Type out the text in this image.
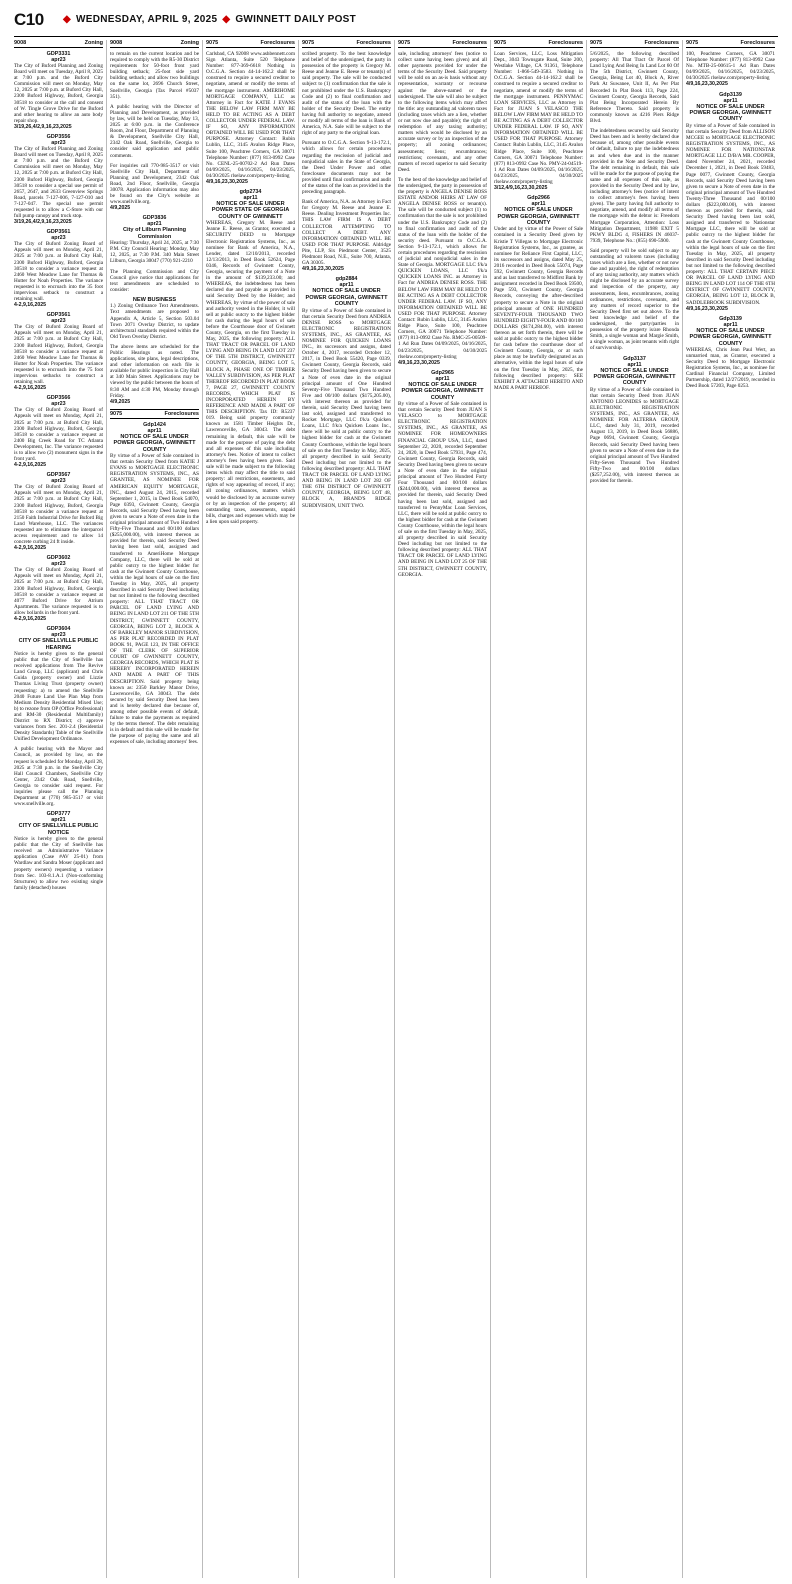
C10	◆ WEDNESDAY, APRIL 9, 2025 ◆ GWINNETT DAILY POST
9008	Zoning
GDP3331
apr23
The City of Buford Planning and Zoning Board will meet on Tuesday, April 8, 2025 at 7:00 p.m. and the Buford City Commission will meet on Monday, May 12, 2025 at 7:00 p.m. at Buford City Hall, 2300 Buford Highway, Buford, Georgia 30518 to consider at the call and consent of W. Tingle Grove Drive for the Buford and other hearing to allow an auto body repair shop.
3/19,26,4/2,9,16,23,2025
GDP3556
apr23
The City of Buford Planning and Zoning Board will meet on Tuesday, April 8, 2025 at 7:00 p.m. and the Buford City Commission will meet on Monday, May 12, 2025 at 7:00 p.m. at Buford City Hall, 2300 Buford Highway, Buford, Georgia 30518 to consider a special use permit of 2657, 2647, and 2633 Greenview Springs Road, parcels 7-127-006, 7-127-010 and 7-127-047. The special use permit requested is to allow a C-Store with our full pump canopy and truck stop.
3/19,26,4/2,9,16,23,2025
GDP3561
apr23
The City of Buford Zoning Board of Appeals will meet on Monday, April 21, 2025 at 7:00 p.m. at Buford City Hall, 2300 Buford Highway, Buford, Georgia 30518 to consider a variance request at 2460 West Meadow Lane for Thomas & Hutter for Noah Properties. The variance requested is to encroach into the 35 foot impervious setback to construct a retaining wall.
4-2,9,16,2025
GDP3561
apr23
The City of Buford Zoning Board of Appeals will meet on Monday, April 21, 2025 at 7:00 p.m. at Buford City Hall, 2300 Buford Highway, Buford, Georgia 30518 to consider a variance request at 2460 West Meadow Lane for Thomas & Hutter for Noah Properties. The variance requested is to encroach into the 75 foot impervious setbacks to construct a retaining wall.
4-2,9,16,2025
GDP3566
apr23
The City of Buford Zoning Board of Appeals will meet on Monday, April 21, 2025 at 7:00 p.m. at Buford City Hall, 2300 Buford Highway, Buford, Georgia 30518 to consider a variance request at 2400 Big Creek Road for TC Atlanta Development, Inc. The variance requested is to allow two (2) monument signs in the front yard.
4-2,9,16,2025
GDP3567
apr23
The City of Buford Zoning Board of Appeals will meet on Monday, April 21, 2025 at 7:00 p.m. at Buford City Hall, 2300 Buford Highway, Buford, Georgia 30518 to consider a variance request at 2150 Faith Industrial Drive for Buford Big Land Warehouse, LLC. The variances requested are to eliminate the interparcel access requirement and to allow 14 concrete curbing 24 ft inside.
4-2,9,16,2025
GDP3602
apr23
The City of Buford Zoning Board of Appeals will meet on Monday, April 21, 2025 at 7:00 p.m. at Buford City Hall, 2300 Buford Highway, Buford, Georgia 30518 to consider a variance request at 4077 Buford Drive for Atrium Apartments. The variance requested is to allow bollards in the front yard.
4-2,9,16,2025
GDP3604
apr23
CITY OF SNELLVILLE PUBLIC HEARING
Notice is hereby given to the general public that the City of Snellville has received applications from The Revive Land Group, LLC (applicant) and Chris Guida (property owner) and Lizzie Thomas Living Trust (property owner) requesting: a) to amend the Snellville 2040 Future Land Use Plan Map from Medium Density Residential Mixed Use; b) to rezone from OP (Office Professional) and RM-30 (Residential Multifamily) District to RX District; c) approve variances from Sec. 201-2.4 (Residential Density Standards) Table of the Snellville Unified Development Ordinance.
A public hearing with the Mayor and Council, as provided by law, on the request is scheduled for Monday, April 28, 2025 at 7:30 p.m. in the Snellville City Hall Council Chambers, Snellville City Center, 2342 Oak Road, Snellville, Georgia to consider said request. For inquiries please call the Planning Department at (770) 985-3517 or visit www.snellville.org.
GDP3777
apr21
CITY OF SNELLVILLE PUBLIC NOTICE
Notice is hereby given to the general public that the City of Snellville has received an Administrative Variance application (Case #AV 25-01) from Wardlaw and Sandra Moser (applicant and property owners) requesting a variance from Sec. 103-8.1.A.1 (Non-conforming Structures) to allow two existing single family (detached) houses
9008	Zoning
to remain on the current location and be required to comply with the R5-30 District requirements for 50-foot front yard building setback; 25-foot side yard building setback; and allow two buildings on the same lot, 2696 Church Street, Snellville, Georgia (Tax Parcel #5037 351).
A public hearing with the Director of Planning and Development, as provided by law, will be held on Tuesday, May 13, 2025 at 6:00 p.m. in the Conference Room, 2nd Floor, Department of Planning & Development, Snellville City Hall, 2342 Oak Road, Snellville, Georgia to consider said application and public comments.
For inquiries call 770-985-3517 or visit Snellville City Hall, Department of Planning and Development, 2342 Oak Road, 2nd Floor, Snellville, Georgia 30078. Application information may also be found on the City's website at www.snellville.org.
4/9,2025
GDP3836
apr21
City of Lilburn Planning Commission
Hearing: Thursday, April 24, 2025, at 7:30 P.M. City Council Hearing: Monday, May 12, 2025, at 7:30 P.M. 340 Main Street Lilburn, Georgia 30047 (770) 921-2210
The Planning Commission and City Council give notice that applications for text amendments are scheduled to consider:
NEW BUSINESS
1.) Zoning Ordinance Text Amendments. Text amendments are proposed to Appendix A, Article 5, Section 503.04 Town 2071 Overlay District, to update architectural standards required within the Old Town Overlay District.
The above items are scheduled for the Public Hearings as noted. The applications, site plans, legal descriptions, and other information on each file is available for public inspection in City Hall at 340 Main Street. Applications may be viewed by the public between the hours of 8:30 AM and 4:30 PM, Monday through Friday.
4/9,2025
9075	Foreclosures
Gdp1424
apr11
NOTICE OF SALE UNDER POWER GEORGIA, GWINNETT COUNTY
By virtue of a Power of Sale contained in that certain Security Deed from KATIE J EVANS to MORTGAGE ELECTRONIC REGISTRATION SYSTEMS, INC., AS GRANTEE, AS NOMINEE FOR AMERICAN EQUITY MORTGAGE, INC., dated August 24, 2015, recorded September 1, 2015, in Deed Book 54070, Page 0393, Gwinnett County, Georgia Records, said Security Deed having been given to secure a Note of even date in the original principal amount of Two Hundred Fifty-Five Thousand and 00/100 dollars ($255,000.00), with interest thereon as provided for therein, said Security Deed having been last sold, assigned and transferred to AmeriHome Mortgage Company, LLC, there will be sold at public outcry to the highest bidder for cash at the Gwinnett County Courthouse, within the legal hours of sale on the first Tuesday in May, 2025, all property described in said Security Deed including but not limited to the following described property: ALL THAT TRACT OR PARCEL OF LAND LYING AND BEING IN LAND LOT 211 OF THE 5TH DISTRICT, GWINNETT COUNTY, GEORGIA, BEING LOT 2, BLOCK A OF BARKLEY MANOR SUBDIVISION, AS PER PLAT RECORDED IN PLAT BOOK 91, PAGE 123, IN THE OFFICE OF THE CLERK OF SUPERIOR COURT OF GWINNETT COUNTY, GEORGIA RECORDS, WHICH PLAT IS HEREBY INCORPORATED HEREIN AND MADE A PART OF THIS DESCRIPTION. Said property being known as: 2350 Barkley Manor Drive, Lawrenceville, GA 30043. The debt secured by said Security Deed has been and is hereby declared due because of, among other possible events of default, failure to make the payments as required by the terms thereof. The debt remaining is in default and this sale will be made for the purpose of paying the same and all expenses of sale, including attorneys' fees.
9075	Foreclosures
Carlsbad, CA 92008 www.ashbennett.com Sign Atlanta, Suite 520 Telephone Number: 877-369-6618 Nothing in O.C.G.A. Section 44-14-162.2 shall be construed to require a secured creditor to negotiate, amend or modify the terms of the mortgage instrument. AMERIHOME MORTGAGE COMPANY, LLC as Attorney in Fact for KATIE J EVANS THE BELOW LAW FIRM MAY BE HELD TO BE ACTING AS A DEBT COLLECTOR UNDER FEDERAL LAW. IF SO, ANY INFORMATION OBTAINED WILL BE USED FOR THAT PURPOSE. Attorney Contact: Rubin Lublin, LLC, 3145 Avalon Ridge Place, Suite 100, Peachtree Corners, GA 30071 Telephone Number: (877) 813-0992 Case No. CENL-25-00702-2 Ad Run Dates 04/09/2025, 04/16/2025, 04/23/2025, 04/30/2025 rlselaw.com/property-listing
4/9,16,23,30,2025
gdp2734
apr11
NOTICE OF SALE UNDER POWER STATE OF GEORGIA COUNTY OF GWINNETT
WHEREAS, Gregory M. Reese and Jeanne E. Reese, as Grantor, executed a SECURITY DEED to Mortgage Electronic Registration Systems, Inc., as nominee for Bank of America, N.A., Lender, dated 12/10/2013, recorded 12/13/2013, in Deed Book 52624, Page 0346, Records of Gwinnett County, Georgia, securing the payment of a Note in the amount of $139,233.00; and WHEREAS, the indebtedness has been declared due and payable as provided in said Security Deed by the Holder; and WHEREAS, by virtue of the power of sale and authority vested in the Holder, it will sell at public outcry to the highest bidder for cash during the legal hours of sale before the Courthouse door of Gwinnett County, Georgia, on the first Tuesday in May, 2025, the following property: ALL THAT TRACT OR PARCEL OF LAND LYING AND BEING IN LAND LOT 237 OF THE 5TH DISTRICT, GWINNETT COUNTY, GEORGIA, BEING LOT 5, BLOCK A, PHASE ONE OF TIMBER VALLEY SUBDIVISION, AS PER PLAT THEREOF RECORDED IN PLAT BOOK 7, PAGE 27, GWINNETT COUNTY RECORDS, WHICH PLAT IS INCORPORATED HEREIN BY REFERENCE AND MADE A PART OF THIS DESCRIPTION. Tax ID: R5237 019. Being said property commonly known as 1581 Timber Heights Dr., Lawrenceville, GA 30043. The debt remaining in default, this sale will be made for the purpose of paying the debt and all expenses of this sale including attorney's fees. Notice of intent to collect attorney's fees having been given. Said sale will be made subject to the following items which may affect the title to said property: all restrictions, easements, and rights of way appearing of record, if any; all zoning ordinances, matters which would be disclosed by an accurate survey or by an inspection of the property; all outstanding taxes, assessments, unpaid bills, charges and expenses which may be a lien upon said property.
9075	Foreclosures
scribed property. To the best knowledge and belief of the undersigned, the party in possession of the property is Gregory M. Reese and Jeanne E. Reese or tenant(s) of said property. The sale will be conducted subject to (1) confirmation that the sale is not prohibited under the U.S. Bankruptcy Code and (2) to final confirmation and audit of the status of the loan with the holder of the Security Deed. The entity having full authority to negotiate, amend or modify all terms of the loan is Bank of America, N.A. Sale will be subject to the right of any party to the original loan.
Pursuant to O.C.G.A. Section 9-13-172.1, which allows for certain procedures regarding the rescission of judicial and nonjudicial sales in the State of Georgia, the Deed Under Power and other foreclosure documents may not be provided until final confirmation and audit of the status of the loan as provided in the preceding paragraph.
Bank of America, N.A. as Attorney in Fact for Gregory M. Reese and Jeanne E. Reese. Dealing Investment Properties Inc. THIS LAW FIRM IS A DEBT COLLECTOR ATTEMPTING TO COLLECT A DEBT. ANY INFORMATION OBTAINED WILL BE USED FOR THAT PURPOSE. Aldridge Pite, LLP, Six Piedmont Center, 3525 Piedmont Road, N.E., Suite 700, Atlanta, GA 30305.
4/9,16,23,30,2025
gdp2884
apr11
NOTICE OF SALE UNDER POWER GEORGIA, GWINNETT COUNTY
By virtue of a Power of Sale contained in that certain Security Deed from ANDREA DENISE ROSS to MORTGAGE ELECTRONIC REGISTRATION SYSTEMS, INC., AS GRANTEE, AS NOMINEE FOR QUICKEN LOANS INC., its successors and assigns, dated October 4, 2017, recorded October 12, 2017, in Deed Book 55420, Page 0339, Gwinnett County, Georgia Records, said Security Deed having been given to secure a Note of even date in the original principal amount of One Hundred Seventy-Five Thousand Two Hundred Five and 00/100 dollars ($175,205.00), with interest thereon as provided for therein, said Security Deed having been last sold, assigned and transferred to Rocket Mortgage, LLC f/k/a Quicken Loans, LLC f/k/a Quicken Loans Inc., there will be sold at public outcry to the highest bidder for cash at the Gwinnett County Courthouse, within the legal hours of sale on the first Tuesday in May, 2025, all property described in said Security Deed including but not limited to the following described property: ALL THAT TRACT OR PARCEL OF LAND LYING AND BEING IN LAND LOT 282 OF THE 6TH DISTRICT OF GWINNETT COUNTY, GEORGIA, BEING LOT 48, BLOCK A, BRAND'S RIDGE SUBDIVISION, UNIT TWO.
9075	Foreclosures
sale, including attorneys' fees (notice to collect same having been given) and all other payments provided for under the terms of the Security Deed. Said property will be sold on an as-is basis without any representation, warranty or recourse against the above-named or the undersigned. The sale will also be subject to the following items which may affect the title: any outstanding ad valorem taxes (including taxes which are a lien, whether or not now due and payable); the right of redemption of any taxing authority; matters which would be disclosed by an accurate survey or by an inspection of the property; all zoning ordinances; assessments; liens; encumbrances; restrictions; covenants, and any other matters of record superior to said Security Deed.
To the best of the knowledge and belief of the undersigned, the party in possession of the property is ANGELA DENISE ROSS ESTATE AND/OR HEIRS AT LAW OF ANGELA DENISE ROSS or tenant(s). The sale will be conducted subject (1) to confirmation that the sale is not prohibited under the U.S. Bankruptcy Code and (2) to final confirmation and audit of the status of the loan with the holder of the security deed. Pursuant to O.C.G.A. Section 9-13-172.1, which allows for certain procedures regarding the rescission of judicial and nonjudicial sales in the State of Georgia. MORTGAGE LLC f/k/a QUICKEN LOANS, LLC f/k/a QUICKEN LOANS INC. as Attorney in Fact for ANDREA DENISE ROSS. THE BELOW LAW FIRM MAY BE HELD TO BE ACTING AS A DEBT COLLECTOR UNDER FEDERAL LAW. IF SO, ANY INFORMATION OBTAINED WILL BE USED FOR THAT PURPOSE. Attorney Contact: Rubin Lublin, LLC, 3145 Avalon Ridge Place, Suite 100, Peachtree Corners, GA 30071 Telephone Number: (877) 813-0992 Case No. RMC-25-00509-1 Ad Run Dates 04/09/2025, 04/16/2025, 04/23/2025, 04/30/2025 rlselaw.com/property-listing
4/9,16,23,30,2025
Gdp2965
apr11
NOTICE OF SALE UNDER POWER GEORGIA, GWINNETT COUNTY
By virtue of a Power of Sale contained in that certain Security Deed from JUAN S VELASCO to MORTGAGE ELECTRONIC REGISTRATION SYSTEMS, INC., AS GRANTEE, AS NOMINEE FOR HOMEOWNERS FINANCIAL GROUP USA, LLC, dated September 22, 2020, recorded September 24, 2020, in Deed Book 57931, Page 474, Gwinnett County, Georgia Records, said Security Deed having been given to secure a Note of even date in the original principal amount of Two Hundred Forty Four Thousand and 00/100 dollars ($244,000.00), with interest thereon as provided for therein, said Security Deed having been last sold, assigned and transferred to PennyMac Loan Services, LLC, there will be sold at public outcry to the highest bidder for cash at the Gwinnett County Courthouse, within the legal hours of sale on the first Tuesday in May, 2025, all property described in said Security Deed including but not limited to the following described property: ALL THAT TRACT OR PARCEL OF LAND LYING AND BEING IN LAND LOT 25 OF THE 5TH DISTRICT, GWINNETT COUNTY, GEORGIA.
9075	Foreclosures
Loan Services, LLC, Loss Mitigation Dept., 3043 Townsgate Road, Suite 200, Westlake Village, CA 91361, Telephone Number: 1-866-549-3583. Nothing in O.C.G.A. Section 44-14-162.2 shall be construed to require a secured creditor to negotiate, amend or modify the terms of the mortgage instrument. PENNYMAC LOAN SERVICES, LLC as Attorney in Fact for JUAN S VELASCO THE BELOW LAW FIRM MAY BE HELD TO BE ACTING AS A DEBT COLLECTOR UNDER FEDERAL LAW. IF SO, ANY INFORMATION OBTAINED WILL BE USED FOR THAT PURPOSE. Attorney Contact: Rubin Lublin, LLC, 3145 Avalon Ridge Place, Suite 100, Peachtree Corners, GA 30071 Telephone Number: (877) 813-0992 Case No. PMY-24-04519-1 Ad Run Dates 04/09/2025, 04/16/2025, 04/23/2025, 04/30/2025 rlselaw.com/property-listing
3/12,4/9,16,23,30,2025
Gdp2966
apr11
NOTICE OF SALE UNDER POWER GEORGIA, GWINNETT COUNTY
Under and by virtue of the Power of Sale contained in a Security Deed given by Kristie T Villegas to Mortgage Electronic Registration Systems, Inc., as grantee, as nominee for Reliance First Capital, LLC, its successors and assigns, dated May 25, 2016 recorded in Deed Book 55074, Page 592, Gwinnett County, Georgia Records and as last transferred to Midfirst Bank by assignment recorded in Deed Book 59500, Page 593, Gwinnett County, Georgia Records, conveying the after-described property to secure a Note in the original principal amount of ONE HUNDRED SEVENTY-FOUR THOUSAND TWO HUNDRED EIGHTY-FOUR AND 00/100 DOLLARS ($174,284.00), with interest thereon as set forth therein, there will be sold at public outcry to the highest bidder for cash before the courthouse door of Gwinnett County, Georgia, or at such place as may be lawfully designated as an alternative, within the legal hours of sale on the first Tuesday in May, 2025, the following described property: SEE EXHIBIT A ATTACHED HERETO AND MADE A PART HEREOF.
9075	Foreclosures
5/6/2025, the following described property: All That Tract Or Parcel Of Land Lying And Being In Land Lot 60 Of The 5th District, Gwinnett County, Georgia, Being Lot 40, Block A, River Park At Suwanee, Unit II, As Per Plat Recorded In Plat Book 113, Page 224, Gwinnett County, Georgia Records, Said Plat Being Incorporated Herein By Reference Thereto. Said property is commonly known as 4216 Piers Ridge Blvd.
The indebtedness secured by said Security Deed has been and is hereby declared due because of, among other possible events of default, failure to pay the indebtedness as and when due and in the manner provided in the Note and Security Deed. The debt remaining in default, this sale will be made for the purpose of paying the same and all expenses of this sale, as provided in the Security Deed and by law, including attorney's fees (notice of intent to collect attorney's fees having been given). The party having full authority to negotiate, amend, and modify all terms of the mortgage with the debtor is: Freedom Mortgage Corporation, Attention: Loss Mitigation Department, 11988 EXIT 5 PKWY BLDG 4, FISHERS IN 46037-7939, Telephone No.: (855) 690-5900.
Said property will be sold subject to any outstanding ad valorem taxes (including taxes which are a lien, whether or not now due and payable), the right of redemption of any taxing authority, any matters which might be disclosed by an accurate survey and inspection of the property, any assessments, liens, encumbrances, zoning ordinances, restrictions, covenants, and any matters of record superior to the Security Deed first set out above. To the best knowledge and belief of the undersigned, the party/parties in possession of the property is/are Rhonda Smith, a single woman and Margie Smith, a single woman, as joint tenants with right of survivorship.
Gdp3137
apr11
NOTICE OF SALE UNDER POWER GEORGIA, GWINNETT COUNTY
By virtue of a Power of Sale contained in that certain Security Deed from JUAN ANTONIO LEONIDES to MORTGAGE ELECTRONIC REGISTRATION SYSTEMS, INC., AS GRANTEE, AS NOMINEE FOR ALTERRA GROUP, LLC, dated July 31, 2019, recorded August 13, 2019, in Deed Book 56886, Page 0694, Gwinnett County, Georgia Records, said Security Deed having been given to secure a Note of even date in the original principal amount of Two Hundred Fifty-Seven Thousand Two Hundred Fifty-Two and 00/100 dollars ($257,252.00), with interest thereon as provided for therein.
9075	Foreclosures
100, Peachtree Corners, GA 30071 Telephone Number: (877) 813-0992 Case No. MTB-25-00615-1 Ad Run Dates 04/09/2025, 04/16/2025, 04/23/2025, 04/30/2025 rlselaw.com/property-listing
4/9,16,23,30,2025
Gdp3139
apr11
NOTICE OF SALE UNDER POWER GEORGIA, GWINNETT COUNTY
By virtue of a Power of Sale contained in that certain Security Deed from ALLISON MCGEE to MORTGAGE ELECTRONIC REGISTRATION SYSTEMS, INC., AS NOMINEE FOR NATIONSTAR MORTGAGE LLC D/B/A MR. COOPER, dated November 24, 2021, recorded December 1, 2021, in Deed Book 59483, Page 0077, Gwinnett County, Georgia Records, said Security Deed having been given to secure a Note of even date in the original principal amount of Two Hundred Twenty-Three Thousand and 00/100 dollars ($223,000.00), with interest thereon as provided for therein, said Security Deed having been last sold, assigned and transferred to Nationstar Mortgage LLC, there will be sold at public outcry to the highest bidder for cash at the Gwinnett County Courthouse, within the legal hours of sale on the first Tuesday in May, 2025, all property described in said Security Deed including but not limited to the following described property: ALL THAT CERTAIN PIECE OR PARCEL OF LAND LYING AND BEING IN LAND LOT 114 OF THE 6TH DISTRICT OF GWINNETT COUNTY, GEORGIA, BEING LOT 12, BLOCK B, SADDLEBROOK SUBDIVISION.
4/9,16,23,30,2025
Gdp3139
apr11
NOTICE OF SALE UNDER POWER GEORGIA, GWINNETT COUNTY
WHEREAS, Chris Jean Paul Wert, an unmarried man, as Grantor, executed a Security Deed to Mortgage Electronic Registration Systems, Inc., as nominee for Cardinal Financial Company, Limited Partnership, dated 12/27/2019, recorded in Deed Book 57203, Page 0253.
